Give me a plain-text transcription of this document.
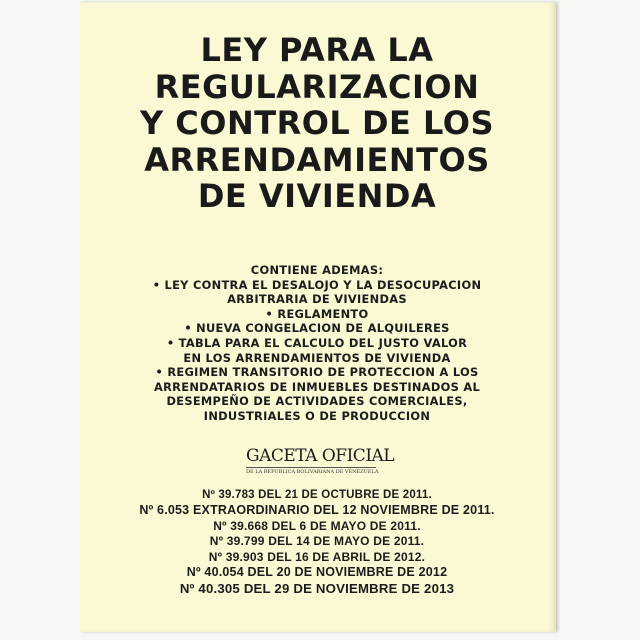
LEY PARA LA
REGULARIZACION
Y CONTROL DE LOS
ARRENDAMIENTOS
DE VIVIENDA
CONTIENE ADEMAS:
• LEY CONTRA EL DESALOJO Y LA DESOCUPACION
ARBITRARIA DE VIVIENDAS
• REGLAMENTO
• NUEVA CONGELACION DE ALQUILERES
• TABLA PARA EL CALCULO DEL JUSTO VALOR
EN LOS ARRENDAMIENTOS DE VIVIENDA
• REGIMEN TRANSITORIO DE PROTECCION A LOS
ARRENDATARIOS DE INMUEBLES DESTINADOS AL
DESEMPEÑO DE ACTIVIDADES COMERCIALES,
INDUSTRIALES O DE PRODUCCION
GACETA OFICIAL
DE LA REPUBLICA BOLIVARIANA DE VENEZUELA
Nº 39.783 DEL 21 DE OCTUBRE DE 2011.
Nº 6.053 EXTRAORDINARIO DEL 12 NOVIEMBRE DE 2011.
Nº 39.668 DEL 6 DE MAYO DE 2011.
Nº 39.799 DEL 14 DE MAYO DE 2011.
Nº 39.903 DEL 16 DE ABRIL DE 2012.
Nº 40.054 DEL 20 DE NOVIEMBRE DE 2012
Nº 40.305 DEL 29 DE NOVIEMBRE DE 2013
